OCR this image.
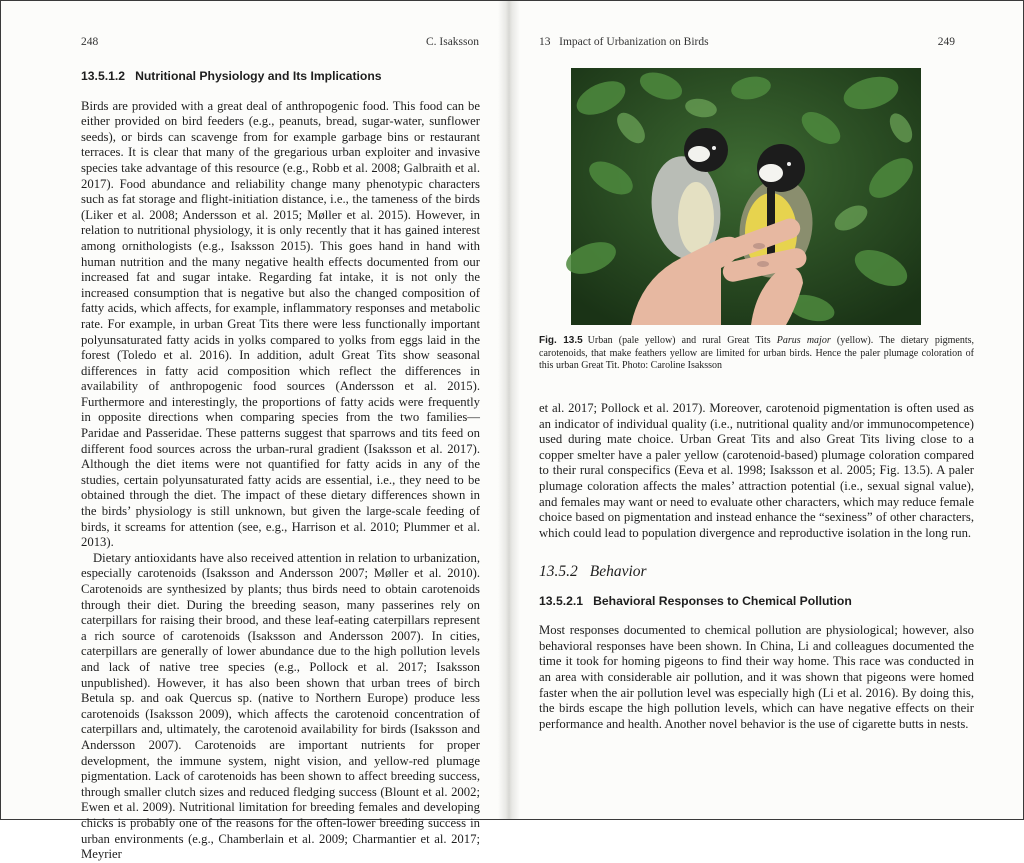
248	C. Isaksson
13.5.1.2 Nutritional Physiology and Its Implications

Birds are provided with a great deal of anthropogenic food. This food can be either provided on bird feeders (e.g., peanuts, bread, sugar-water, sunflower seeds), or birds can scavenge from for example garbage bins or restaurant terraces. It is clear that many of the gregarious urban exploiter and invasive species take advantage of this resource (e.g., Robb et al. 2008; Galbraith et al. 2017). Food abundance and reliability change many phenotypic characters such as fat storage and flight-initiation distance, i.e., the tameness of the birds (Liker et al. 2008; Andersson et al. 2015; Møller et al. 2015). However, in relation to nutritional physiology, it is only recently that it has gained interest among ornithologists (e.g., Isaksson 2015). This goes hand in hand with human nutrition and the many negative health effects documented from our increased fat and sugar intake. Regarding fat intake, it is not only the increased consumption that is negative but also the changed composition of fatty acids, which affects, for example, inflammatory responses and metabolic rate. For example, in urban Great Tits there were less functionally important polyunsaturated fatty acids in yolks compared to yolks from eggs laid in the forest (Toledo et al. 2016). In addition, adult Great Tits show seasonal differences in fatty acid composition which reflect the differences in availability of anthropogenic food sources (Andersson et al. 2015). Furthermore and interestingly, the proportions of fatty acids were frequently in opposite directions when comparing species from the two families—Paridae and Passeridae. These patterns suggest that sparrows and tits feed on different food sources across the urban-rural gradient (Isaksson et al. 2017). Although the diet items were not quantified for fatty acids in any of the studies, certain polyunsaturated fatty acids are essential, i.e., they need to be obtained through the diet. The impact of these dietary differences shown in the birds’ physiology is still unknown, but given the large-scale feeding of birds, it screams for attention (see, e.g., Harrison et al. 2010; Plummer et al. 2013).

Dietary antioxidants have also received attention in relation to urbanization, especially carotenoids (Isaksson and Andersson 2007; Møller et al. 2010). Carotenoids are synthesized by plants; thus birds need to obtain carotenoids through their diet. During the breeding season, many passerines rely on caterpillars for raising their brood, and these leaf-eating caterpillars represent a rich source of carotenoids (Isaksson and Andersson 2007). In cities, caterpillars are generally of lower abundance due to the high pollution levels and lack of native tree species (e.g., Pollock et al. 2017; Isaksson unpublished). However, it has also been shown that urban trees of birch Betula sp. and oak Quercus sp. (native to Northern Europe) produce less carotenoids (Isaksson 2009), which affects the carotenoid concentration of caterpillars and, ultimately, the carotenoid availability for birds (Isaksson and Andersson 2007). Carotenoids are important nutrients for proper development, the immune system, night vision, and yellow-red plumage pigmentation. Lack of carotenoids has been shown to affect breeding success, through smaller clutch sizes and reduced fledging success (Blount et al. 2002; Ewen et al. 2009). Nutritional limitation for breeding females and developing chicks is probably one of the reasons for the often-lower breeding success in urban environments (e.g., Chamberlain et al. 2009; Charmantier et al. 2017; Meyrier

13   Impact of Urbanization on Birds	249
Fig. 13.5 Urban (pale yellow) and rural Great Tits Parus major (yellow). The dietary pigments, carotenoids, that make feathers yellow are limited for urban birds. Hence the paler plumage coloration of this urban Great Tit. Photo: Caroline Isaksson

et al. 2017; Pollock et al. 2017). Moreover, carotenoid pigmentation is often used as an indicator of individual quality (i.e., nutritional quality and/or immunocompetence) used during mate choice. Urban Great Tits and also Great Tits living close to a copper smelter have a paler yellow (carotenoid-based) plumage coloration compared to their rural conspecifics (Eeva et al. 1998; Isaksson et al. 2005; Fig. 13.5). A paler plumage coloration affects the males’ attraction potential (i.e., sexual signal value), and females may want or need to evaluate other characters, which may reduce female choice based on pigmentation and instead enhance the “sexiness” of other characters, which could lead to population divergence and reproductive isolation in the long run.

13.5.2 Behavior
13.5.2.1 Behavioral Responses to Chemical Pollution

Most responses documented to chemical pollution are physiological; however, also behavioral responses have been shown. In China, Li and colleagues documented the time it took for homing pigeons to find their way home. This race was conducted in an area with considerable air pollution, and it was shown that pigeons were homed faster when the air pollution level was especially high (Li et al. 2016). By doing this, the birds escape the high pollution levels, which can have negative effects on their performance and health. Another novel behavior is the use of cigarette butts in nests.
